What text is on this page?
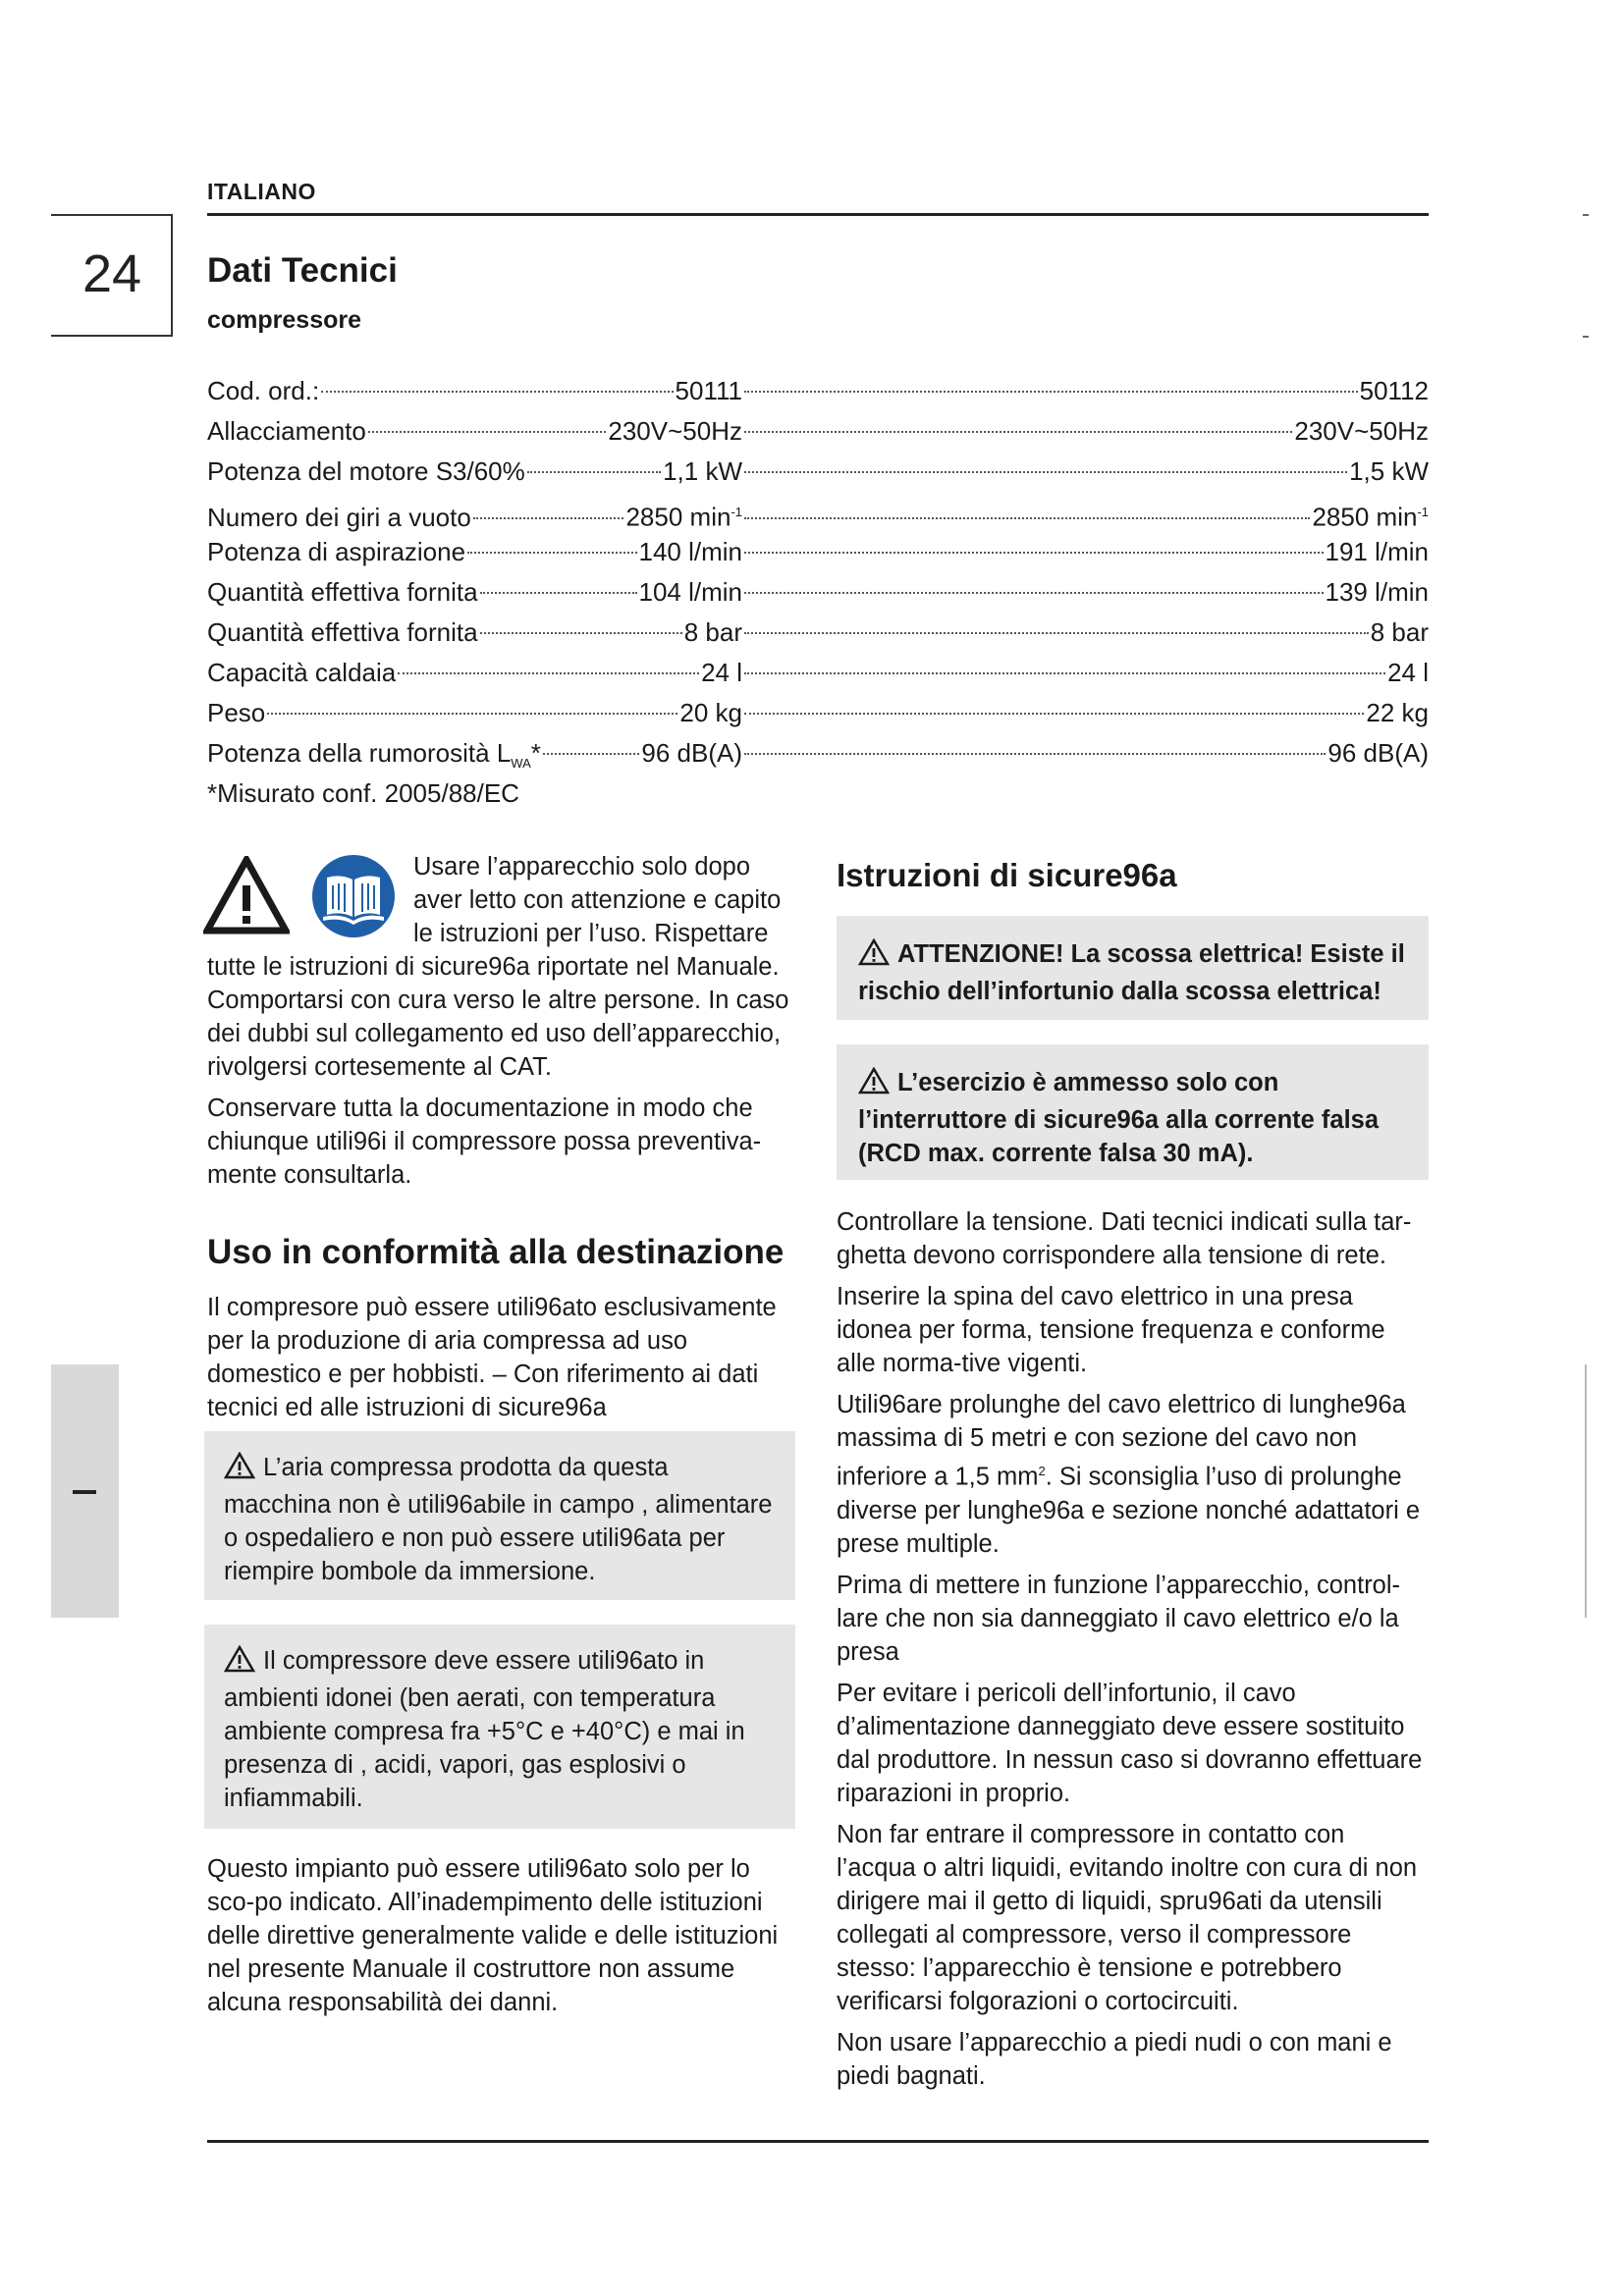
ITALIANO
24	Dati Tecnici
compressore
Cod. ord.:	50111	50112
Allacciamento	230V~50Hz	230V~50Hz
Potenza del motore S3/60%	1,1 kW	1,5 kW
Numero dei giri a vuoto	2850 $\min^{-1}$	2850 $\min^{-1}$
Potenza di aspirazione	140 l/min	191 l/min
Quantità effettiva fornita	104 l/min	139 l/min
Quantità effettiva fornita	8 bar	8 bar
Capacità caldaia	24 l	24 l
Peso	20 kg	22 kg
Potenza della rumorosità $L_{WA}*$	96 dB(A)	96 dB(A)
*Misurato conf. 2005/88/EC

Usare l’apparecchio solo dopo aver letto con attenzione e capito le istruzioni per l’uso. Rispettare tutte le istruzioni di sicure96a riportate nel Manuale. Comportarsi con cura verso le altre persone. In caso dei dubbi sul collegamento ed uso dell’apparecchio, rivolgersi cortesemente al CAT.

Conservare tutta la documentazione in modo che chiunque utili96i il compressore possa preventiva-mente consultarla.

Uso in conformità alla destinazione
Il compresore può essere utili96ato esclusivamente per la produzione di aria compressa ad uso domestico e per hobbisti. – Con riferimento ai dati tecnici ed alle istruzioni di sicure96a
L’aria compressa prodotta da questa macchina non è utili96abile in campo , alimentare o ospedaliero e non può essere utili96ata per riempire bombole da immersione.
Il compressore deve essere utili96ato in ambienti idonei (ben aerati, con temperatura ambiente compresa fra +5°C e +40°C) e mai in presenza di , acidi, vapori, gas esplosivi o infiammabili.
Questo impianto può essere utili96ato solo per lo sco-po indicato. All’inadempimento delle istituzioni delle direttive generalmente valide e delle istituzioni nel presente Manuale il costruttore non assume alcuna responsabilità dei danni.
Istruzioni di sicure96a
ATTENZIONE! La scossa elettrica! Esiste il rischio dell’infortunio dalla scossa elettrica!
L’esercizio è ammesso solo con l’interruttore di sicure96a alla corrente falsa (RCD max. corrente falsa 30 mA).

Controllare la tensione. Dati tecnici indicati sulla tar-ghetta devono corrispondere alla tensione di rete.

Inserire la spina del cavo elettrico in una presa idonea per forma, tensione frequenza e conforme alle norma-tive vigenti.

Utili96are prolunghe del cavo elettrico di lunghe96a massima di 5 metri e con sezione del cavo non inferiore a 1,5 $mm^2$. Si sconsiglia l’uso di prolunghe diverse per lunghe96a e sezione nonché adattatori e prese multiple.

Prima di mettere in funzione l’apparecchio, control-lare che non sia danneggiato il cavo elettrico e/o la presa

Per evitare i pericoli dell’infortunio, il cavo d’alimentazione danneggiato deve essere sostituito dal produttore. In nessun caso si dovranno effettuare riparazioni in proprio.

Non far entrare il compressore in contatto con l’acqua o altri liquidi, evitando inoltre con cura di non dirigere mai il getto di liquidi, spru96ati da utensili collegati al compressore, verso il compressore stesso: l’apparecchio è tensione e potrebbero verificarsi folgorazioni o cortocircuiti.

Non usare l’apparecchio a piedi nudi o con mani e piedi bagnati.
